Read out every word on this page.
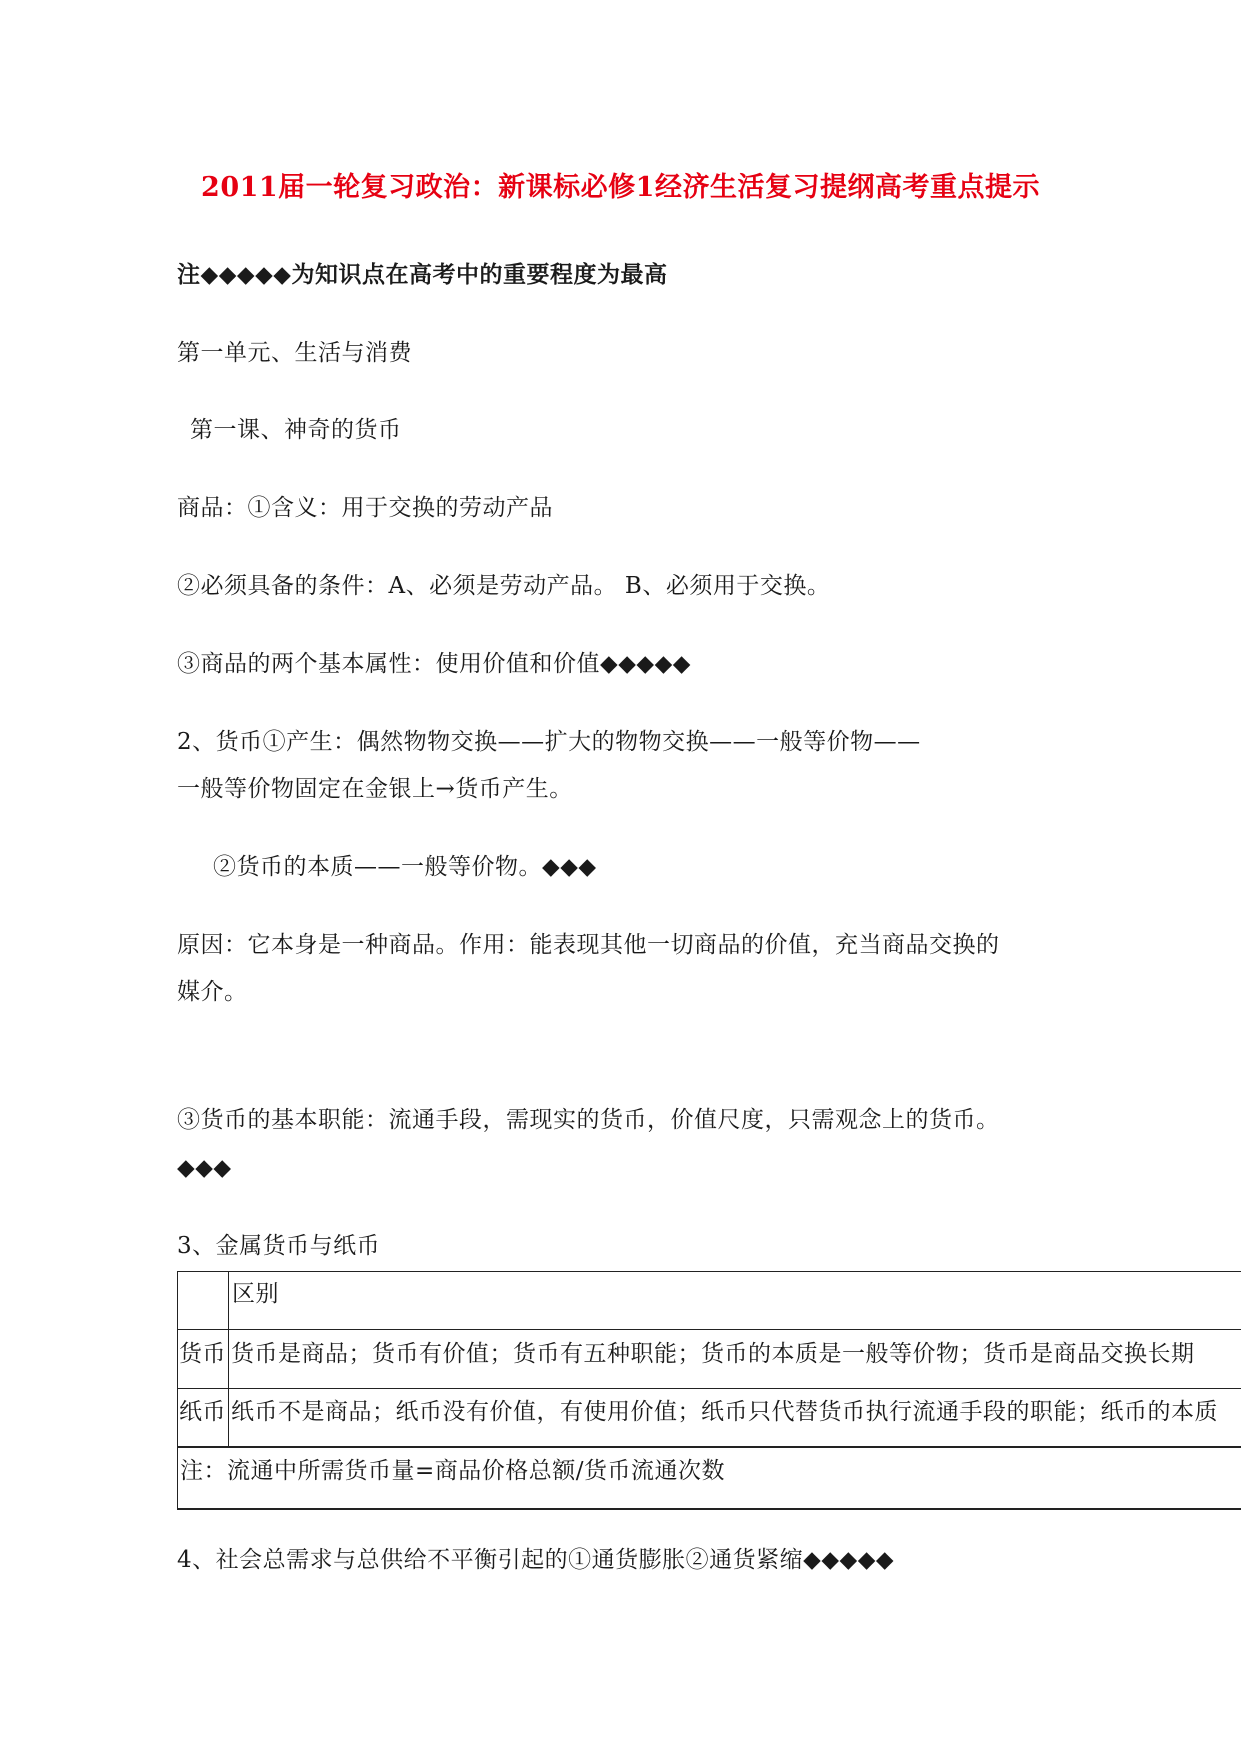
2011届一轮复习政治：新课标必修1经济生活复习提纲高考重点提示
注◆◆◆◆◆为知识点在高考中的重要程度为最高
第一单元、生活与消费
第一课、神奇的货币
商品：①含义：用于交换的劳动产品
②必须具备的条件：A、必须是劳动产品。 B、必须用于交换。
③商品的两个基本属性：使用价值和价值◆◆◆◆◆
2、货币①产生：偶然物物交换——扩大的物物交换——一般等价物——
一般等价物固定在金银上→货币产生。
②货币的本质——一般等价物。◆◆◆
原因：它本身是一种商品。作用：能表现其他一切商品的价值，充当商品交换的
媒介。
③货币的基本职能：流通手段，需现实的货币，价值尺度，只需观念上的货币。
◆◆◆
3、金属货币与纸币
区别
货币 货币是商品；货币有价值；货币有五种职能；货币的本质是一般等价物；货币是商品交换长期
纸币 纸币不是商品；纸币没有价值，有使用价值；纸币只代替货币执行流通手段的职能；纸币的本质
注：流通中所需货币量=商品价格总额/货币流通次数
4、社会总需求与总供给不平衡引起的①通货膨胀②通货紧缩◆◆◆◆◆
